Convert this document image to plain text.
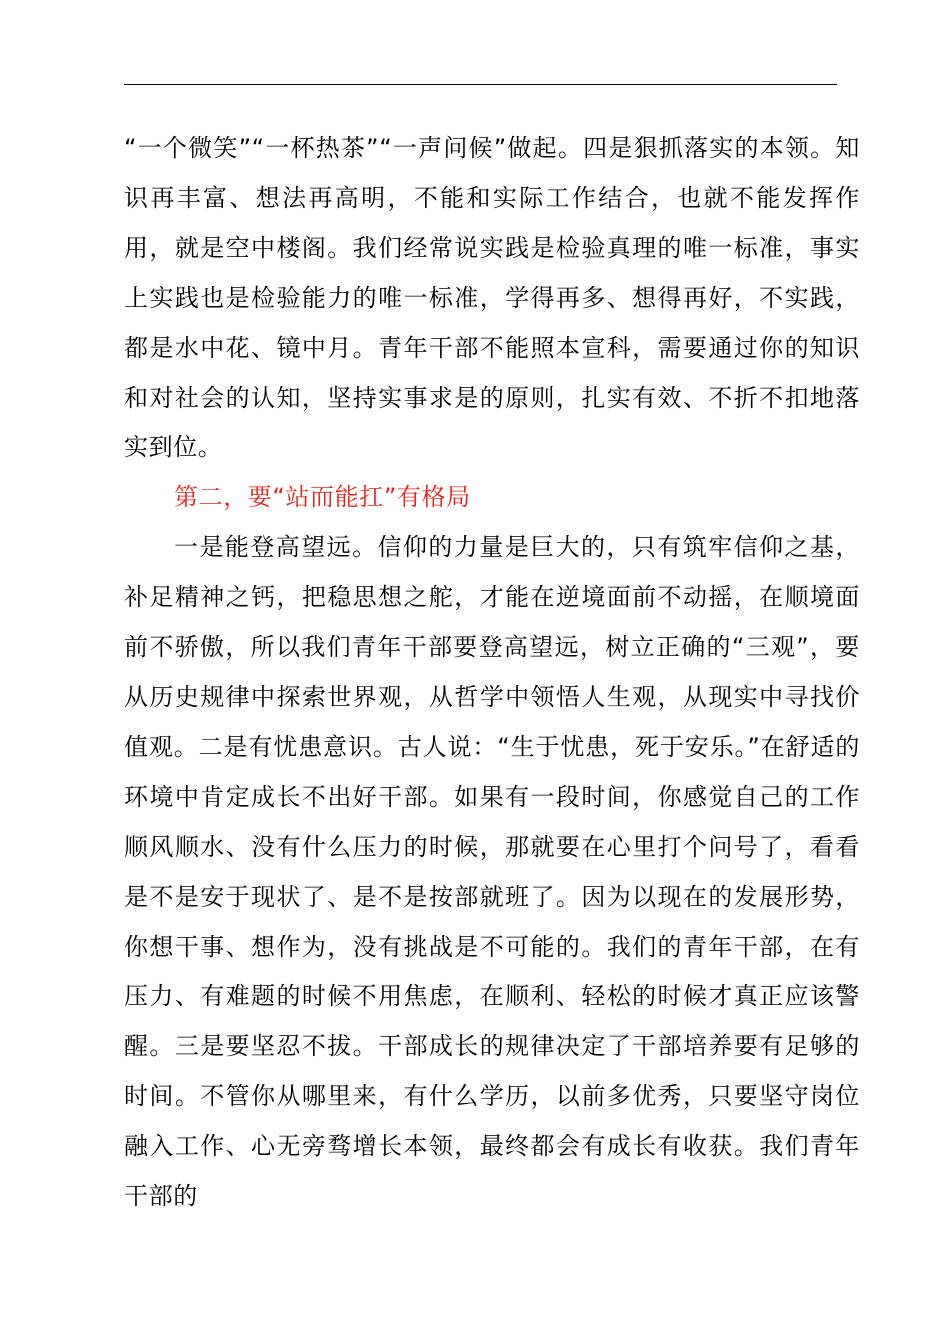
“一个微笑”“一杯热茶”“一声问候”做起。四是狠抓落实的本领。知识再丰富、想法再高明，不能和实际工作结合，也就不能发挥作用，就是空中楼阁。我们经常说实践是检验真理的唯一标准，事实上实践也是检验能力的唯一标准，学得再多、想得再好，不实践，都是水中花、镜中月。青年干部不能照本宣科，需要通过你的知识和对社会的认知，坚持实事求是的原则，扎实有效、不折不扣地落实到位。

第二，要“站而能扛”有格局

一是能登高望远。信仰的力量是巨大的，只有筑牢信仰之基，补足精神之钙，把稳思想之舵，才能在逆境面前不动摇，在顺境面前不骄傲，所以我们青年干部要登高望远，树立正确的“三观”，要从历史规律中探索世界观，从哲学中领悟人生观，从现实中寻找价值观。二是有忧患意识。古人说：“生于忧患，死于安乐。”在舒适的环境中肯定成长不出好干部。如果有一段时间，你感觉自己的工作顺风顺水、没有什么压力的时候，那就要在心里打个问号了，看看是不是安于现状了、是不是按部就班了。因为以现在的发展形势，你想干事、想作为，没有挑战是不可能的。我们的青年干部，在有压力、有难题的时候不用焦虑，在顺利、轻松的时候才真正应该警醒。三是要坚忍不拔。干部成长的规律决定了干部培养要有足够的时间。不管你从哪里来，有什么学历，以前多优秀，只要坚守岗位融入工作、心无旁骛增长本领，最终都会有成长有收获。我们青年干部的
